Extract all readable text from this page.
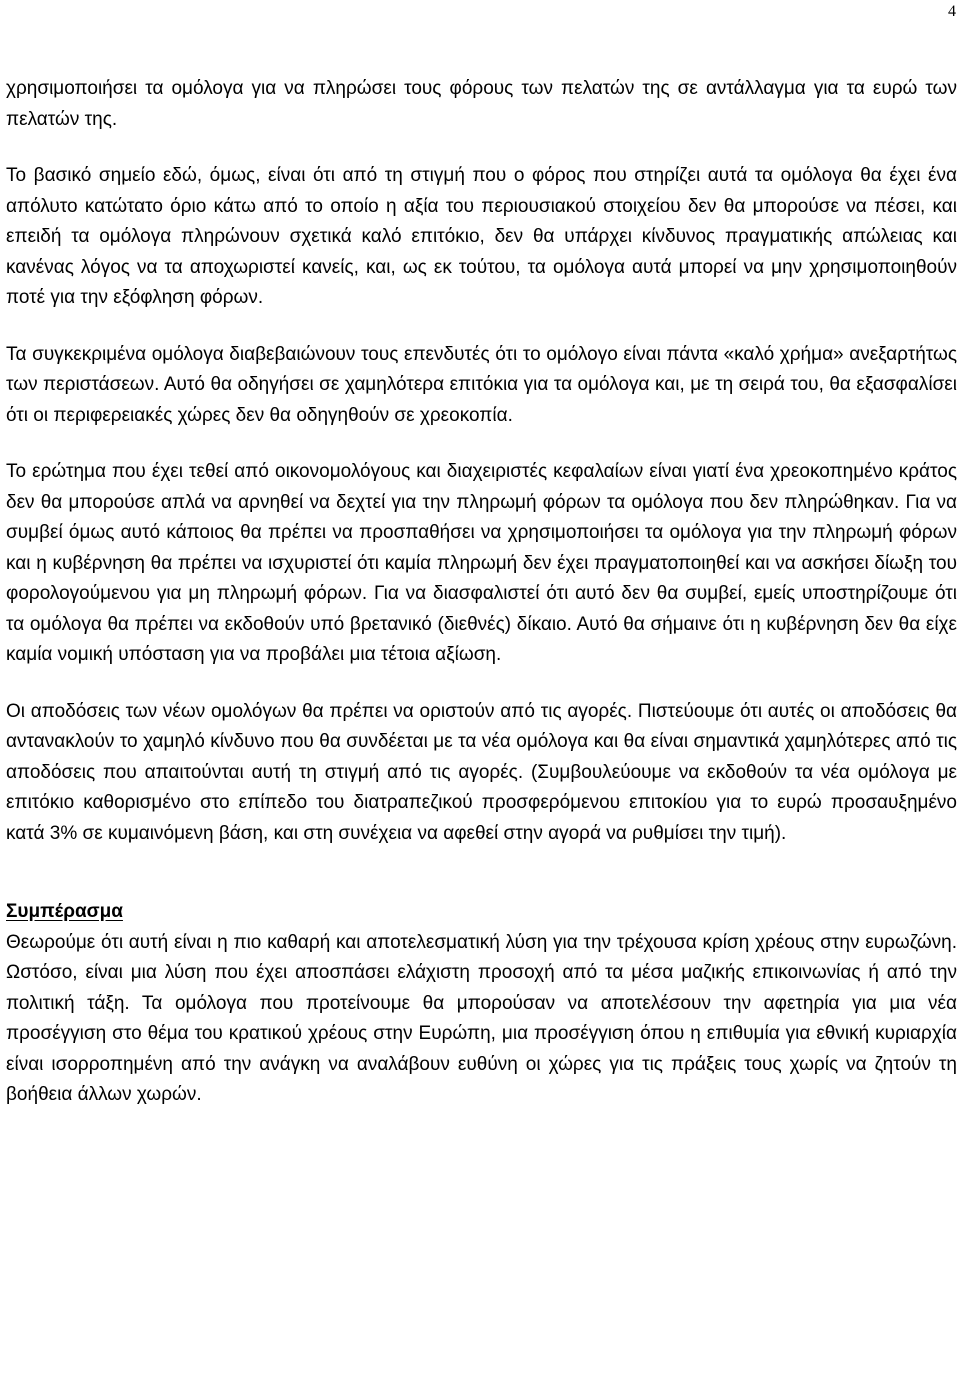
4

χρησιμοποιήσει τα ομόλογα για να πληρώσει τους φόρους των πελατών της σε αντάλλαγμα για τα ευρώ των πελατών της.

Το βασικό σημείο εδώ, όμως, είναι ότι από τη στιγμή που ο φόρος που στηρίζει αυτά τα ομόλογα θα έχει ένα απόλυτο κατώτατο όριο κάτω από το οποίο η αξία του περιουσιακού στοιχείου δεν θα μπορούσε να πέσει, και επειδή τα ομόλογα πληρώνουν σχετικά καλό επιτόκιο, δεν θα υπάρχει κίνδυνος πραγματικής απώλειας και κανένας λόγος να τα αποχωριστεί κανείς, και, ως εκ τούτου, τα ομόλογα αυτά μπορεί να μην χρησιμοποιηθούν ποτέ για την εξόφληση φόρων.

Τα συγκεκριμένα ομόλογα διαβεβαιώνουν τους επενδυτές ότι το ομόλογο είναι πάντα «καλό χρήμα» ανεξαρτήτως των περιστάσεων. Αυτό θα οδηγήσει σε χαμηλότερα επιτόκια για τα ομόλογα και, με τη σειρά του, θα εξασφαλίσει ότι οι περιφερειακές χώρες δεν θα οδηγηθούν σε χρεοκοπία.

Το ερώτημα που έχει τεθεί από οικονομολόγους και διαχειριστές κεφαλαίων είναι γιατί ένα χρεοκοπημένο κράτος δεν θα μπορούσε απλά να αρνηθεί να δεχτεί για την πληρωμή φόρων τα ομόλογα που δεν πληρώθηκαν. Για να συμβεί όμως αυτό κάποιος θα πρέπει να προσπαθήσει να χρησιμοποιήσει τα ομόλογα για την πληρωμή φόρων και η κυβέρνηση θα πρέπει να ισχυριστεί ότι καμία πληρωμή δεν έχει πραγματοποιηθεί και να ασκήσει δίωξη του φορολογούμενου για μη πληρωμή φόρων. Για να διασφαλιστεί ότι αυτό δεν θα συμβεί, εμείς υποστηρίζουμε ότι τα ομόλογα θα πρέπει να εκδοθούν υπό βρετανικό (διεθνές) δίκαιο. Αυτό θα σήμαινε ότι η κυβέρνηση δεν θα είχε καμία νομική υπόσταση για να προβάλει μια τέτοια αξίωση.

Οι αποδόσεις των νέων ομολόγων θα πρέπει να οριστούν από τις αγορές. Πιστεύουμε ότι αυτές οι αποδόσεις θα αντανακλούν το χαμηλό κίνδυνο που θα συνδέεται με τα νέα ομόλογα και θα είναι σημαντικά χαμηλότερες από τις αποδόσεις που απαιτούνται αυτή τη στιγμή από τις αγορές. (Συμβουλεύουμε να εκδοθούν τα νέα ομόλογα με επιτόκιο καθορισμένο στο επίπεδο του διατραπεζικού προσφερόμενου επιτοκίου για το ευρώ προσαυξημένο κατά 3% σε κυμαινόμενη βάση, και στη συνέχεια να αφεθεί στην αγορά να ρυθμίσει την τιμή).

Συμπέρασμα

Θεωρούμε ότι αυτή είναι η πιο καθαρή και αποτελεσματική λύση για την τρέχουσα κρίση χρέους στην ευρωζώνη. Ωστόσο, είναι μια λύση που έχει αποσπάσει ελάχιστη προσοχή από τα μέσα μαζικής επικοινωνίας ή από την πολιτική τάξη. Τα ομόλογα που προτείνουμε θα μπορούσαν να αποτελέσουν την αφετηρία για μια νέα προσέγγιση στο θέμα του κρατικού χρέους στην Ευρώπη, μια προσέγγιση όπου η επιθυμία για εθνική κυριαρχία είναι ισορροπημένη από την ανάγκη να αναλάβουν ευθύνη οι χώρες για τις πράξεις τους χωρίς να ζητούν τη βοήθεια άλλων χωρών.
